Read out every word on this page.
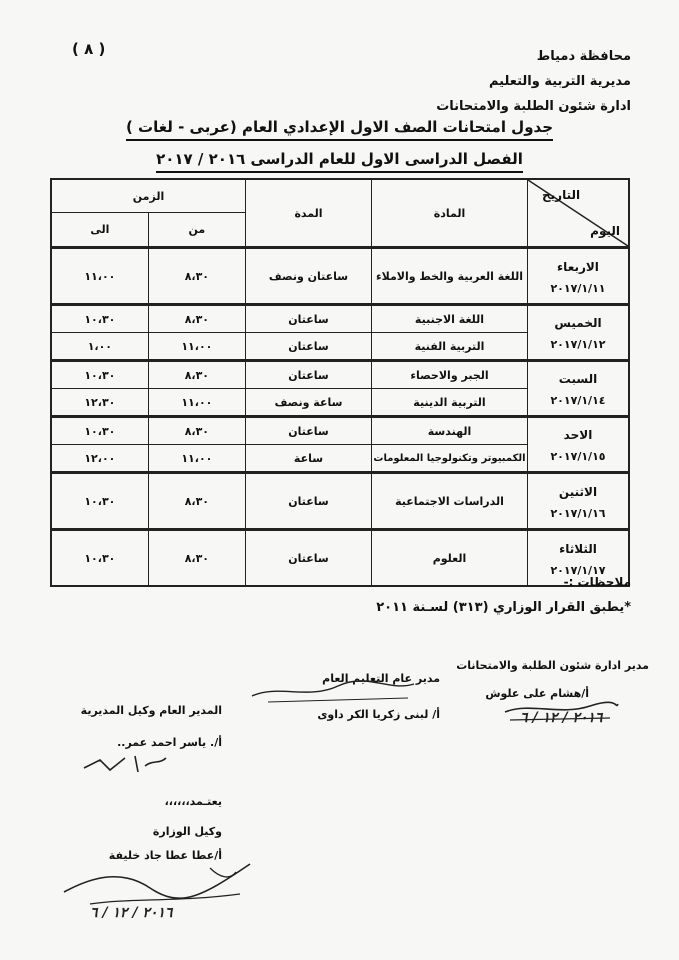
( ٨ )	محافظة دمياط
مديرية التربية والتعليم
ادارة شئون الطلبة والامتحانات
جدول امتحانات الصف الاول الإعدادي العام (عربى - لغات )
الفصل الدراسى الاول للعام الدراسى ٢٠١٦ / ٢٠١٧
التاريخ
اليوم	المادة	المدة	الزمن	
			من	الى

الاربعاء
٢٠١٧/١/١١	اللغة العربية والخط والاملاء	ساعتان ونصف	٨،٣٠	١١،٠٠

الخميس
٢٠١٧/١/١٢	اللغة الاجنبية	ساعتان	٨،٣٠	١٠،٣٠
	التربية الفنية	ساعتان	١١،٠٠	١،٠٠

السبت
٢٠١٧/١/١٤	الجبر والاحصاء	ساعتان	٨،٣٠	١٠،٣٠
	التربية الدينية	ساعة ونصف	١١،٠٠	١٢،٣٠

الاحد
٢٠١٧/١/١٥	الهندسة	ساعتان	٨،٣٠	١٠،٣٠
	الكمبيوتر وتكنولوجيا المعلومات	ساعة	١١،٠٠	١٢،٠٠

الاثنين
٢٠١٧/١/١٦	الدراسات الاجتماعية	ساعتان	٨،٣٠	١٠،٣٠

الثلاثاء
٢٠١٧/١/١٧	العلوم	ساعتان	٨،٣٠	١٠،٣٠
ملاحظات :-
*يطبق القرار الوزاري (٣١٣) لسـنة ٢٠١١
مدير ادارة شئون الطلبة والامتحانات
أ/هشام على علوش
٢٠١٦ / ١٢ / ٦
مدير عام التعليم العام
أ/ لبنى زكريا الكر داوى
المدير العام وكيل المديرية
أ/. ياسر احمد عمر..
يعتـمد،،،،،،
وكيل الوزارة
أ/عطا عطا جاد خليفة
٢٠١٦ / ١٢ / ٦
